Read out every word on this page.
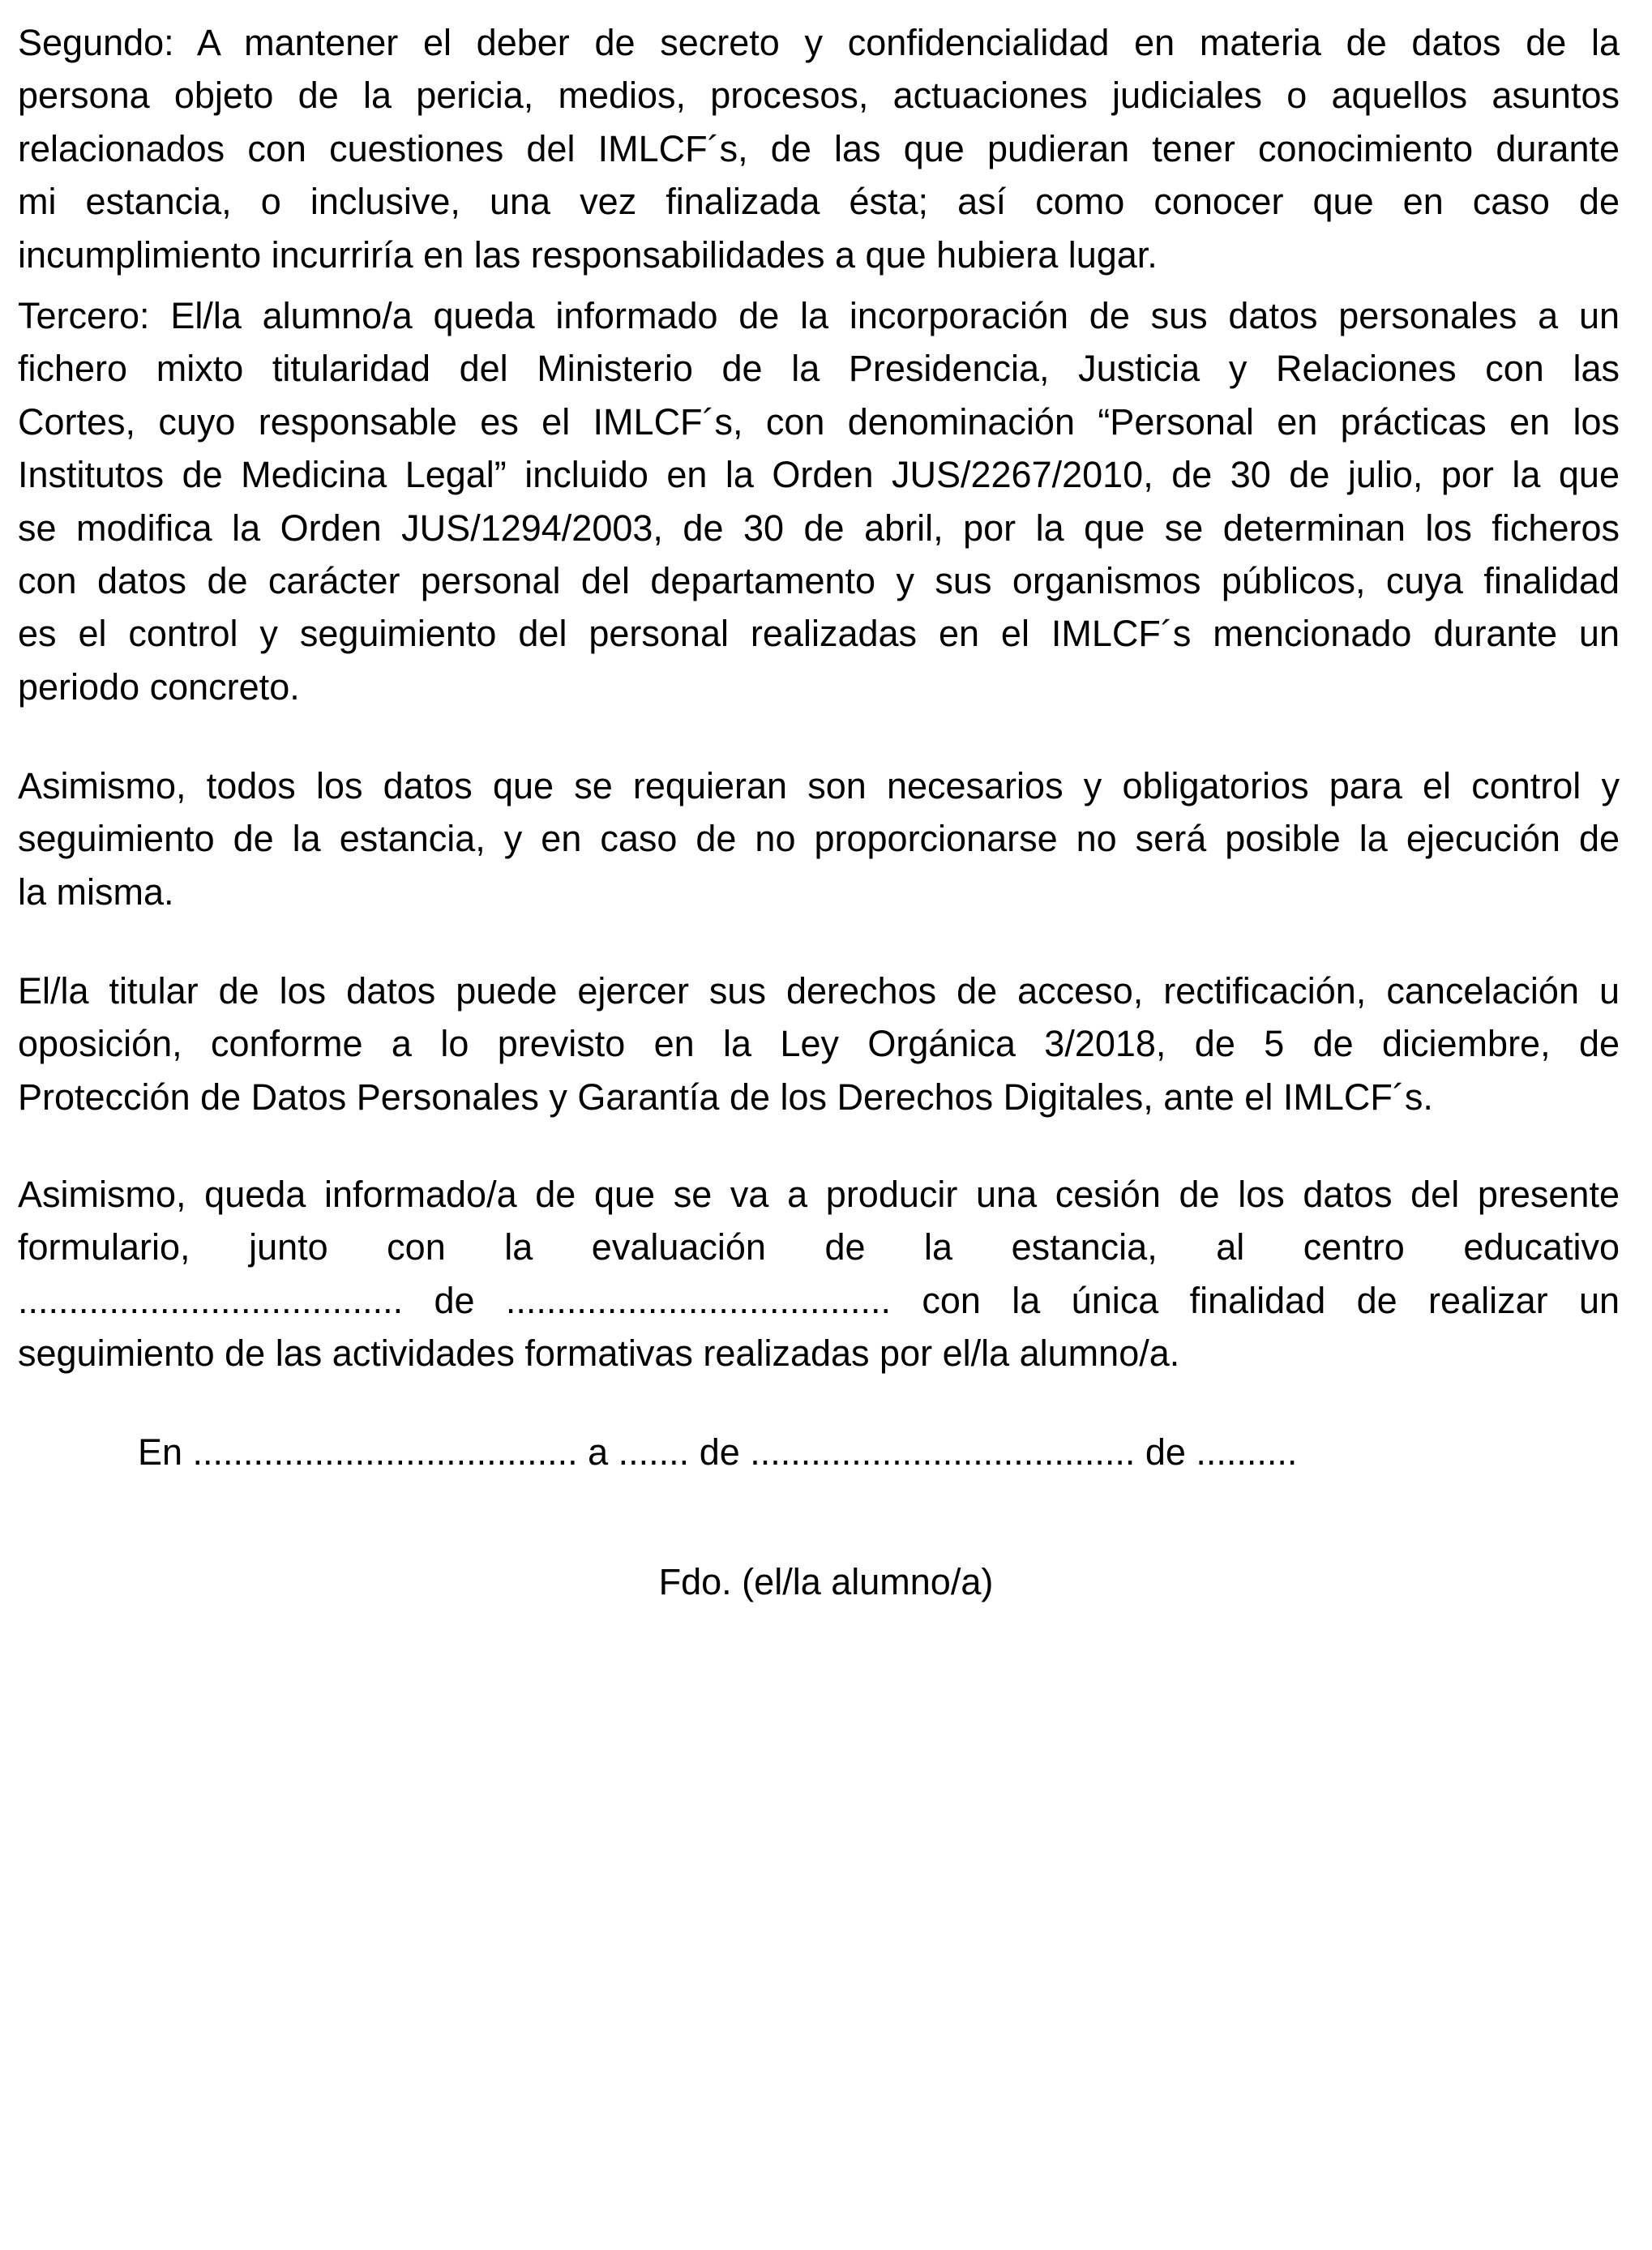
Segundo: A mantener el deber de secreto y confidencialidad en materia de datos de la
persona objeto de la pericia, medios, procesos, actuaciones judiciales o aquellos asuntos
relacionados con cuestiones del IMLCF´s, de las que pudieran tener conocimiento durante
mi estancia, o inclusive, una vez finalizada ésta; así como conocer que en caso de
incumplimiento incurriría en las responsabilidades a que hubiera lugar.
Tercero: El/la alumno/a queda informado de la incorporación de sus datos personales a un
fichero mixto titularidad del Ministerio de la Presidencia, Justicia y Relaciones con las
Cortes, cuyo responsable es el IMLCF´s, con denominación “Personal en prácticas en los
Institutos de Medicina Legal” incluido en la Orden JUS/2267/2010, de 30 de julio, por la que
se modifica la Orden JUS/1294/2003, de 30 de abril, por la que se determinan los ficheros
con datos de carácter personal del departamento y sus organismos públicos, cuya finalidad
es el control y seguimiento del personal realizadas en el IMLCF´s mencionado durante un
periodo concreto.
Asimismo, todos los datos que se requieran son necesarios y obligatorios para el control y
seguimiento de la estancia, y en caso de no proporcionarse no será posible la ejecución de
la misma.
El/la titular de los datos puede ejercer sus derechos de acceso, rectificación, cancelación u
oposición, conforme a lo previsto en la Ley Orgánica 3/2018, de 5 de diciembre, de
Protección de Datos Personales y Garantía de los Derechos Digitales, ante el IMLCF´s.
Asimismo, queda informado/a de que se va a producir una cesión de los datos del presente
formulario, junto con la evaluación de la estancia, al centro educativo
...................................... de ...................................... con la única finalidad de realizar un
seguimiento de las actividades formativas realizadas por el/la alumno/a.
En ...................................... a ....... de ...................................... de ..........
Fdo. (el/la alumno/a)
